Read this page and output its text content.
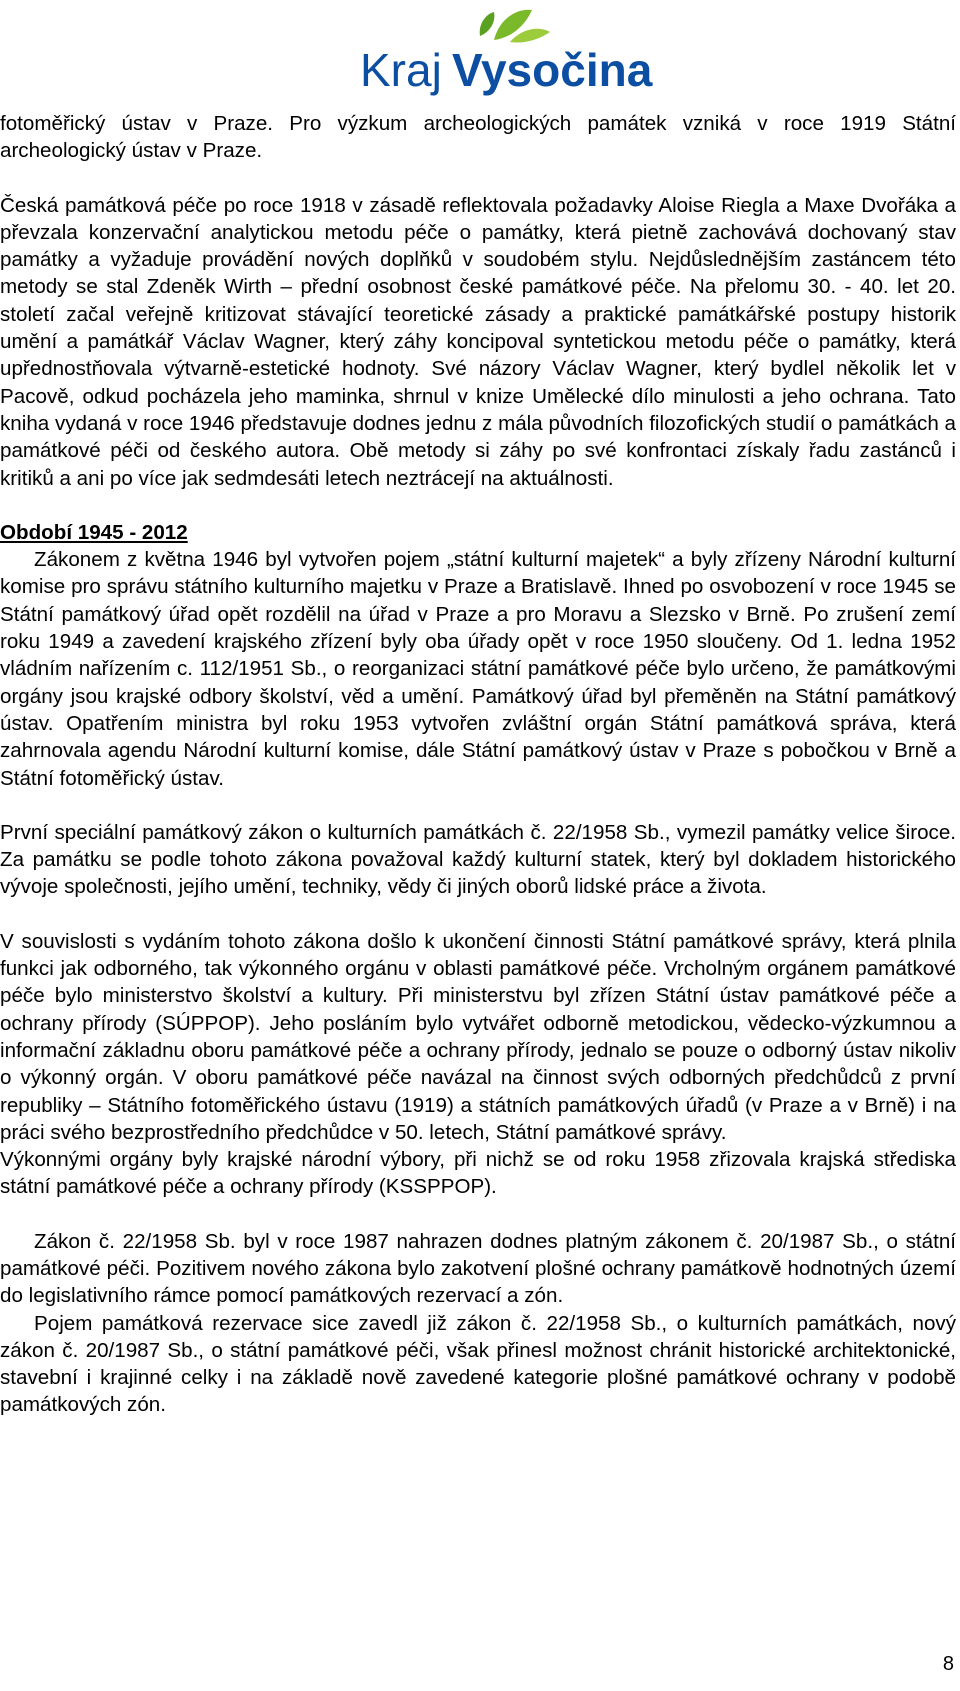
Kraj Vysočina

fotoměřický ústav v Praze. Pro výzkum archeologických památek vzniká v roce 1919 Státní archeologický ústav v Praze.

Česká památková péče po roce 1918 v zásadě reflektovala požadavky Aloise Riegla a Maxe Dvořáka a převzala konzervační analytickou metodu péče o památky, která pietně zachovává dochovaný stav památky a vyžaduje provádění nových doplňků v soudobém stylu. Nejdůslednějším zastáncem této metody se stal Zdeněk Wirth – přední osobnost české památkové péče. Na přelomu 30. - 40. let 20. století začal veřejně kritizovat stávající teoretické zásady a praktické památkářské postupy historik umění a památkář Václav Wagner, který záhy koncipoval syntetickou metodu péče o památky, která upřednostňovala výtvarně-estetické hodnoty. Své názory Václav Wagner, který bydlel několik let v Pacově, odkud pocházela jeho maminka, shrnul v knize Umělecké dílo minulosti a jeho ochrana. Tato kniha vydaná v roce 1946 představuje dodnes jednu z mála původních filozofických studií o památkách a památkové péči od českého autora. Obě metody si záhy po své konfrontaci získaly řadu zastánců i kritiků a ani po více jak sedmdesáti letech neztrácejí na aktuálnosti.

Období 1945 - 2012

Zákonem z května 1946 byl vytvořen pojem „státní kulturní majetek“ a byly zřízeny Národní kulturní komise pro správu státního kulturního majetku v Praze a Bratislavě. Ihned po osvobození v roce 1945 se Státní památkový úřad opět rozdělil na úřad v Praze a pro Moravu a Slezsko v Brně. Po zrušení zemí roku 1949 a zavedení krajského zřízení byly oba úřady opět v roce 1950 sloučeny. Od 1. ledna 1952 vládním nařízením c. 112/1951 Sb., o reorganizaci státní památkové péče bylo určeno, že památkovými orgány jsou krajské odbory školství, věd a umění. Památkový úřad byl přeměněn na Státní památkový ústav. Opatřením ministra byl roku 1953 vytvořen zvláštní orgán Státní památková správa, která zahrnovala agendu Národní kulturní komise, dále Státní památkový ústav v Praze s pobočkou v Brně a Státní fotoměřický ústav.

První speciální památkový zákon o kulturních památkách č. 22/1958 Sb., vymezil památky velice široce. Za památku se podle tohoto zákona považoval každý kulturní statek, který byl dokladem historického vývoje společnosti, jejího umění, techniky, vědy či jiných oborů lidské práce a života.

V souvislosti s vydáním tohoto zákona došlo k ukončení činnosti Státní památkové správy, která plnila funkci jak odborného, tak výkonného orgánu v oblasti památkové péče. Vrcholným orgánem památkové péče bylo ministerstvo školství a kultury. Při ministerstvu byl zřízen Státní ústav památkové péče a ochrany přírody (SÚPPOP). Jeho posláním bylo vytvářet odborně metodickou, vědecko-výzkumnou a informační základnu oboru památkové péče a ochrany přírody, jednalo se pouze o odborný ústav nikoliv o výkonný orgán. V oboru památkové péče navázal na činnost svých odborných předchůdců z první republiky – Státního fotoměřického ústavu (1919) a státních památkových úřadů (v Praze a v Brně) i na práci svého bezprostředního předchůdce v 50. letech, Státní památkové správy.

Výkonnými orgány byly krajské národní výbory, při nichž se od roku 1958 zřizovala krajská střediska státní památkové péče a ochrany přírody (KSSPPOP).

Zákon č. 22/1958 Sb. byl v roce 1987 nahrazen dodnes platným zákonem č. 20/1987 Sb., o státní památkové péči. Pozitivem nového zákona bylo zakotvení plošné ochrany památkově hodnotných území do legislativního rámce pomocí památkových rezervací a zón.

Pojem památková rezervace sice zavedl již zákon č. 22/1958 Sb., o kulturních památkách, nový zákon č. 20/1987 Sb., o státní památkové péči, však přinesl možnost chránit historické architektonické, stavební i krajinné celky i na základě nově zavedené kategorie plošné památkové ochrany v podobě památkových zón.

8
